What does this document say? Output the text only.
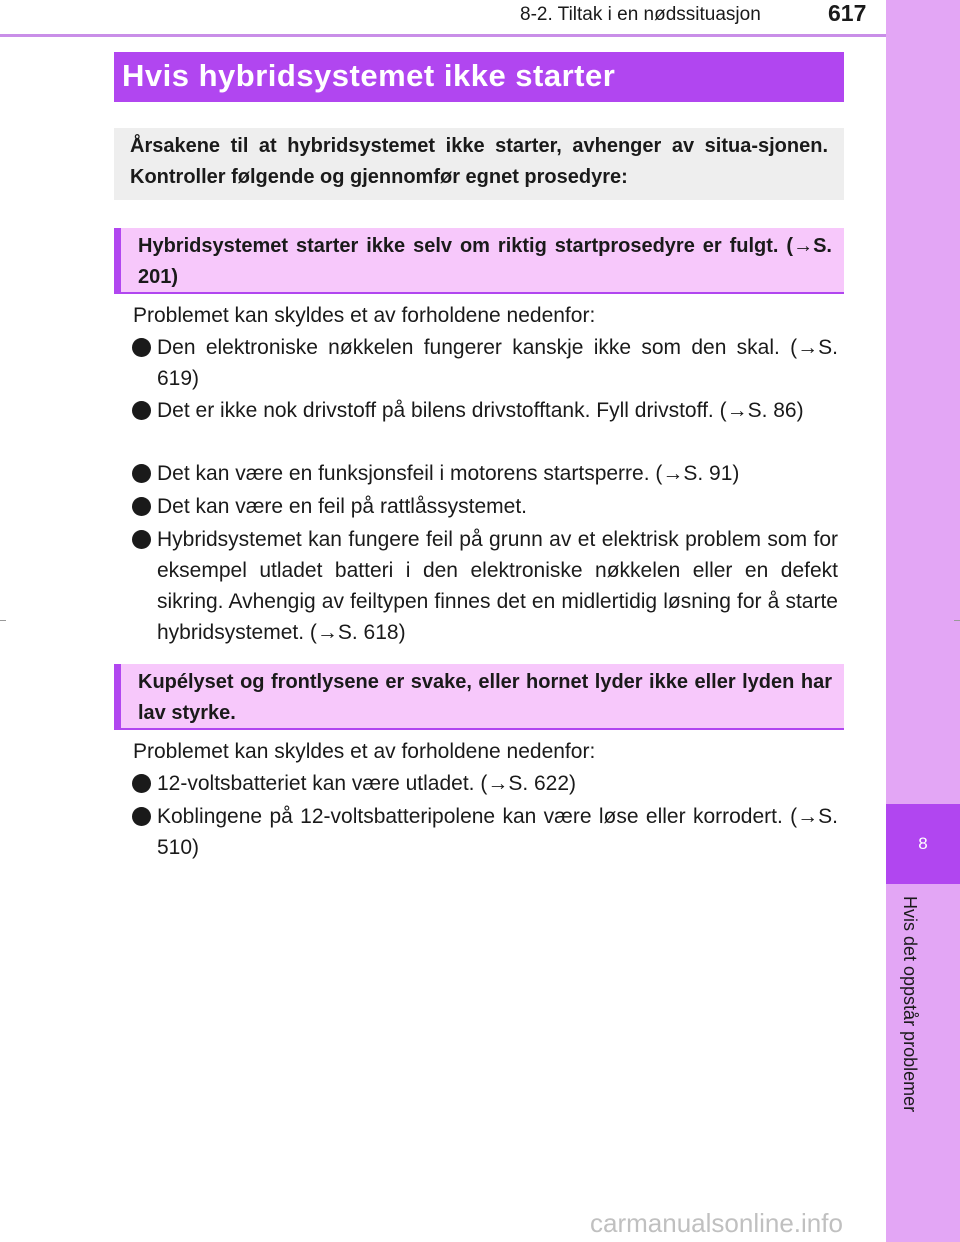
8
Hvis det oppstår problemer
8-2. Tiltak i en nødssituasjon	617
Hvis hybridsystemet ikke starter
Årsakene til at hybridsystemet ikke starter, avhenger av situa-sjonen. Kontroller følgende og gjennomfør egnet prosedyre:
Hybridsystemet starter ikke selv om riktig startprosedyre er fulgt. (→S. 201)
Problemet kan skyldes et av forholdene nedenfor:
Den elektroniske nøkkelen fungerer kanskje ikke som den skal. (→S. 619)
Det er ikke nok drivstoff på bilens drivstofftank. Fyll drivstoff. (→S. 86)
Det kan være en funksjonsfeil i motorens startsperre. (→S. 91)
Det kan være en feil på rattlåssystemet.
Hybridsystemet kan fungere feil på grunn av et elektrisk problem som for eksempel utladet batteri i den elektroniske nøkkelen eller en defekt sikring. Avhengig av feiltypen finnes det en midlertidig løsning for å starte hybridsystemet. (→S. 618)
Kupélyset og frontlysene er svake, eller hornet lyder ikke eller lyden har lav styrke.
Problemet kan skyldes et av forholdene nedenfor:
12-voltsbatteriet kan være utladet. (→S. 622)
Koblingene på 12-voltsbatteripolene kan være løse eller korrodert. (→S. 510)
carmanualsonline.info
